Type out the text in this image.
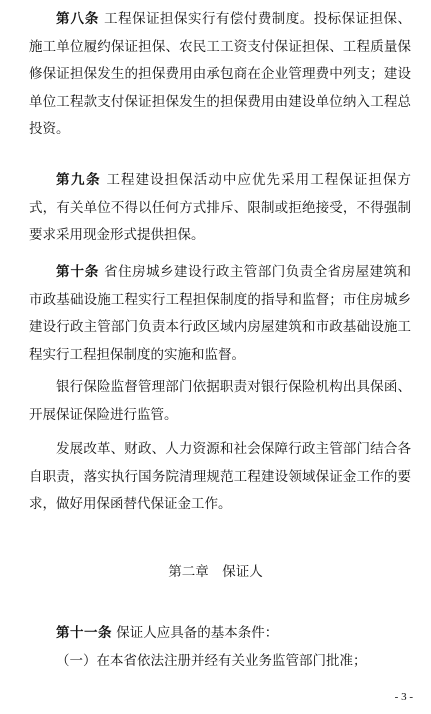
第八条 工程保证担保实行有偿付费制度。投标保证担保、施工单位履约保证担保、农民工工资支付保证担保、工程质量保修保证担保发生的担保费用由承包商在企业管理费中列支；建设单位工程款支付保证担保发生的担保费用由建设单位纳入工程总投资。

第九条 工程建设担保活动中应优先采用工程保证担保方式，有关单位不得以任何方式排斥、限制或拒绝接受，不得强制要求采用现金形式提供担保。

第十条 省住房城乡建设行政主管部门负责全省房屋建筑和市政基础设施工程实行工程担保制度的指导和监督；市住房城乡建设行政主管部门负责本行政区域内房屋建筑和市政基础设施工程实行工程担保制度的实施和监督。

银行保险监督管理部门依据职责对银行保险机构出具保函、开展保证保险进行监管。

发展改革、财政、人力资源和社会保障行政主管部门结合各自职责，落实执行国务院清理规范工程建设领域保证金工作的要求，做好用保函替代保证金工作。

第二章　保证人

第十一条 保证人应具备的基本条件：

（一）在本省依法注册并经有关业务监管部门批准；

- 3 -
